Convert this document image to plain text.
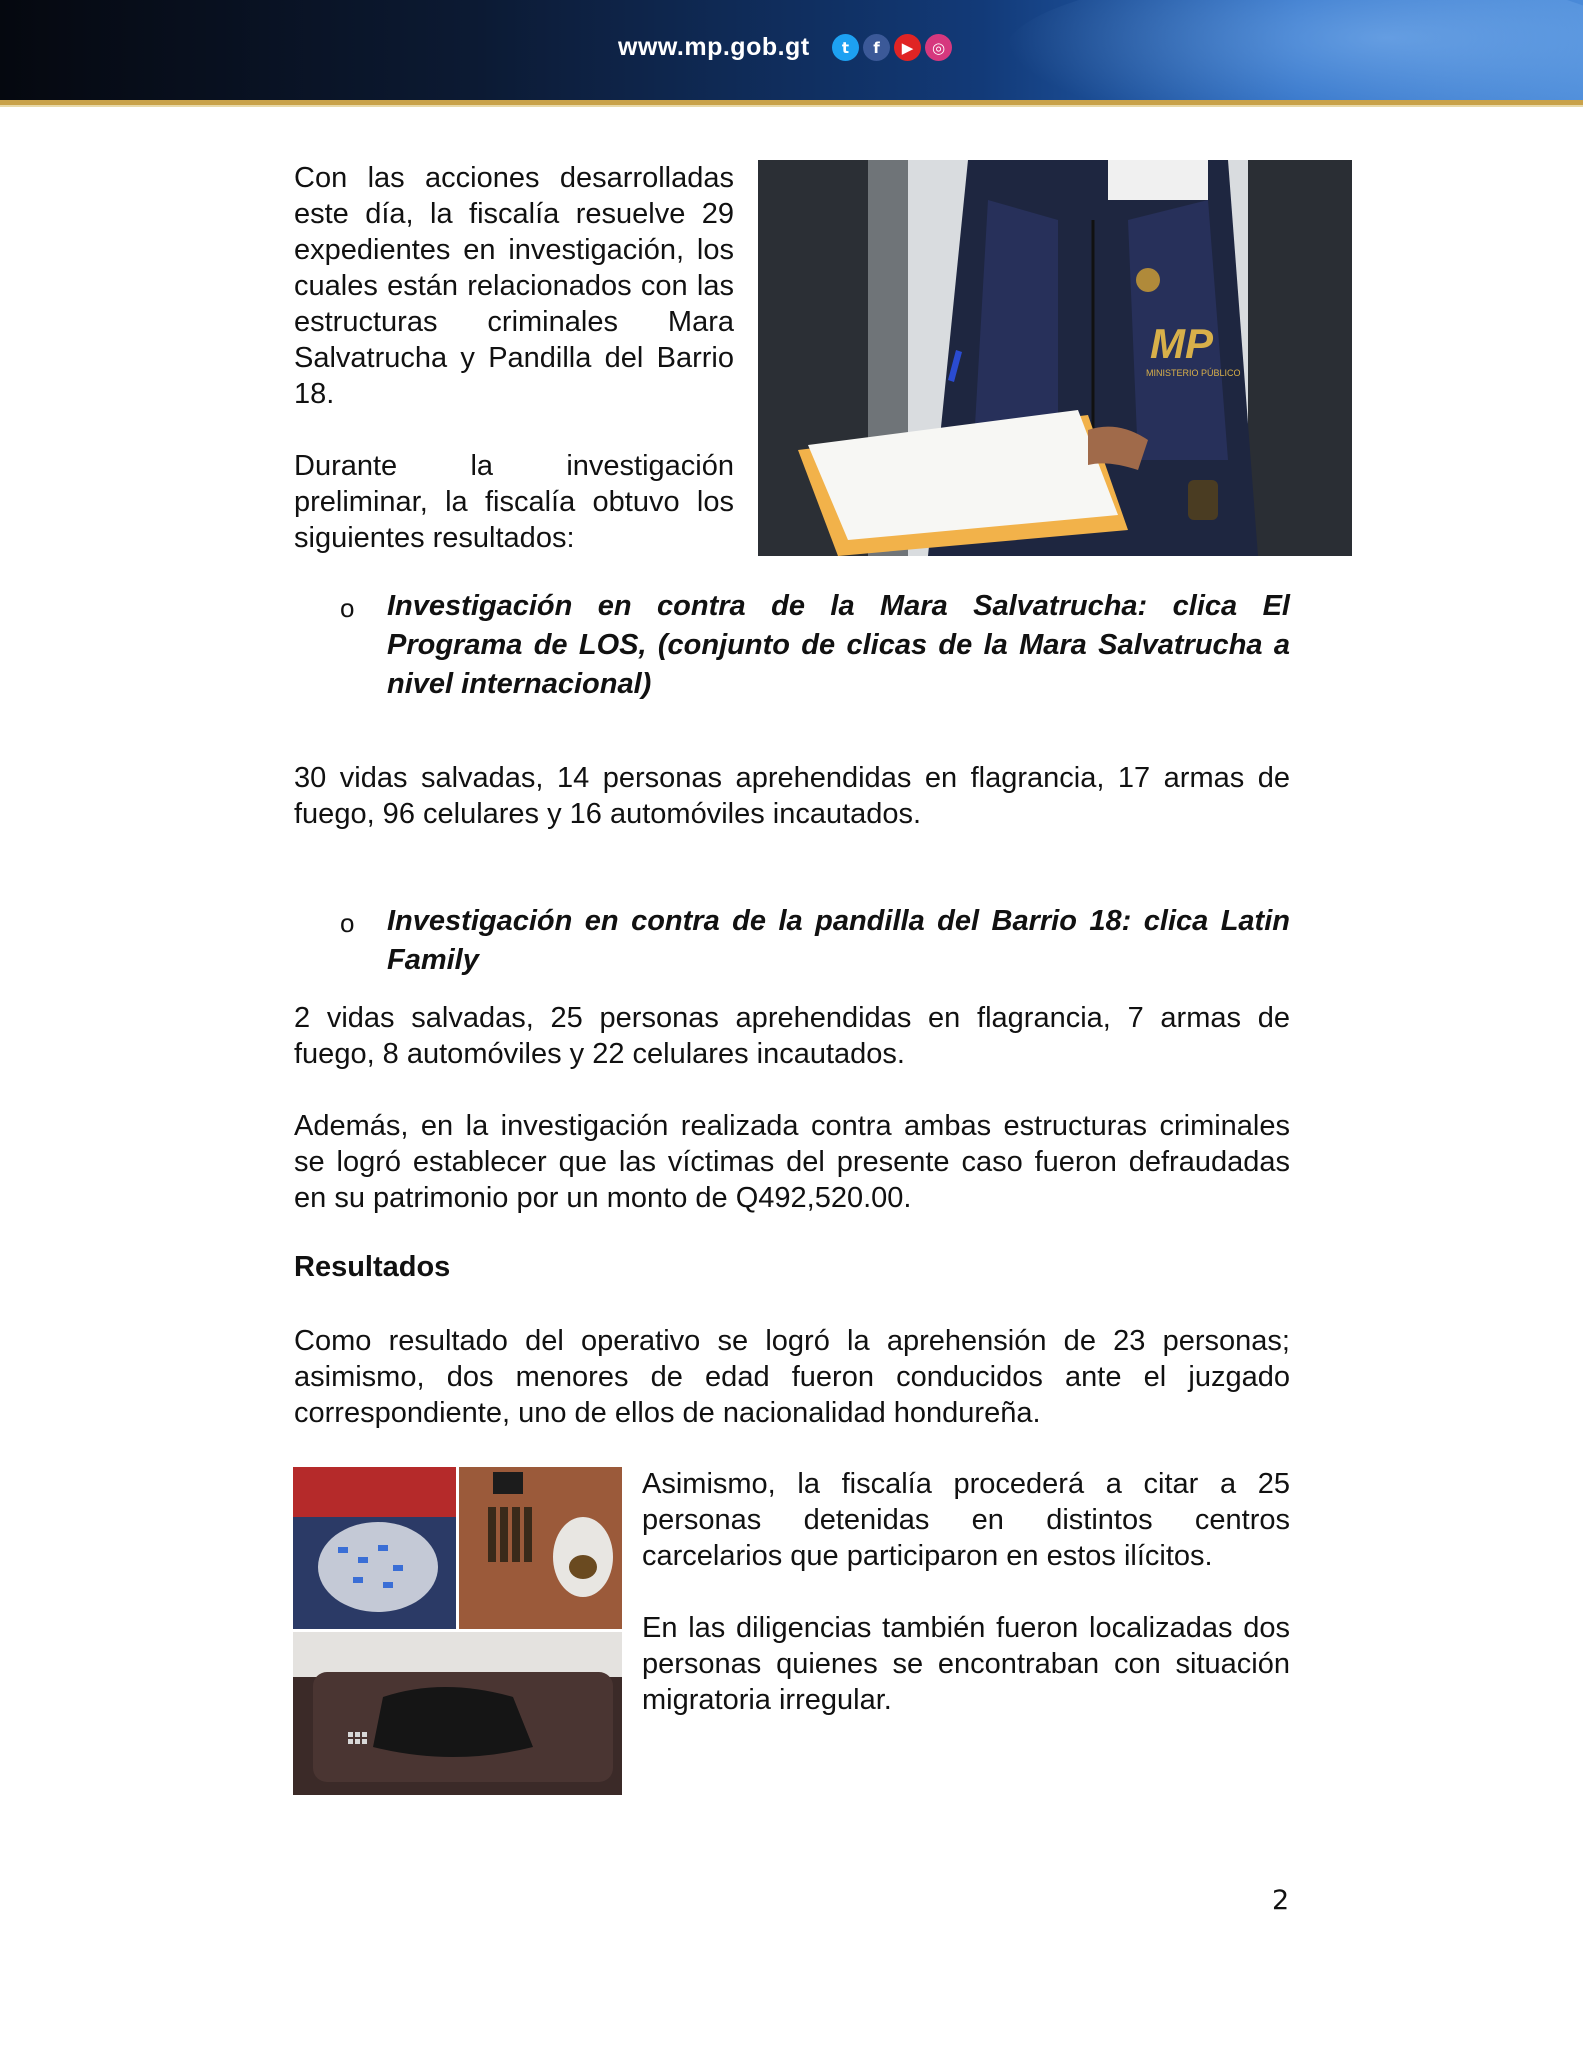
www.mp.gob.gt	t	f	▶	◎

Con las acciones desarrolladas este día, la fiscalía resuelve 29 expedientes en investigación, los cuales están relacionados con las estructuras criminales Mara Salvatrucha y Pandilla del Barrio 18.

Durante la investigación preliminar, la fiscalía obtuvo los siguientes resultados:

MP
MINISTERIO PÚBLICO
o Investigación en contra de la Mara Salvatrucha: clica El Programa de LOS, (conjunto de clicas de la Mara Salvatrucha a nivel internacional)
30 vidas salvadas, 14 personas aprehendidas en flagrancia, 17 armas de fuego, 96 celulares y 16 automóviles incautados.
o Investigación en contra de la pandilla del Barrio 18: clica Latin Family
2 vidas salvadas, 25 personas aprehendidas en flagrancia, 7 armas de fuego, 8 automóviles y 22 celulares incautados.
Además, en la investigación realizada contra ambas estructuras criminales se logró establecer que las víctimas del presente caso fueron defraudadas en su patrimonio por un monto de Q492,520.00.
Resultados
Como resultado del operativo se logró la aprehensión de 23 personas; asimismo, dos menores de edad fueron conducidos ante el juzgado correspondiente, uno de ellos de nacionalidad hondureña.

Asimismo, la fiscalía procederá a citar a 25 personas detenidas en distintos centros carcelarios que participaron en estos ilícitos.

En las diligencias también fueron localizadas dos personas quienes se encontraban con situación migratoria irregular.

2
